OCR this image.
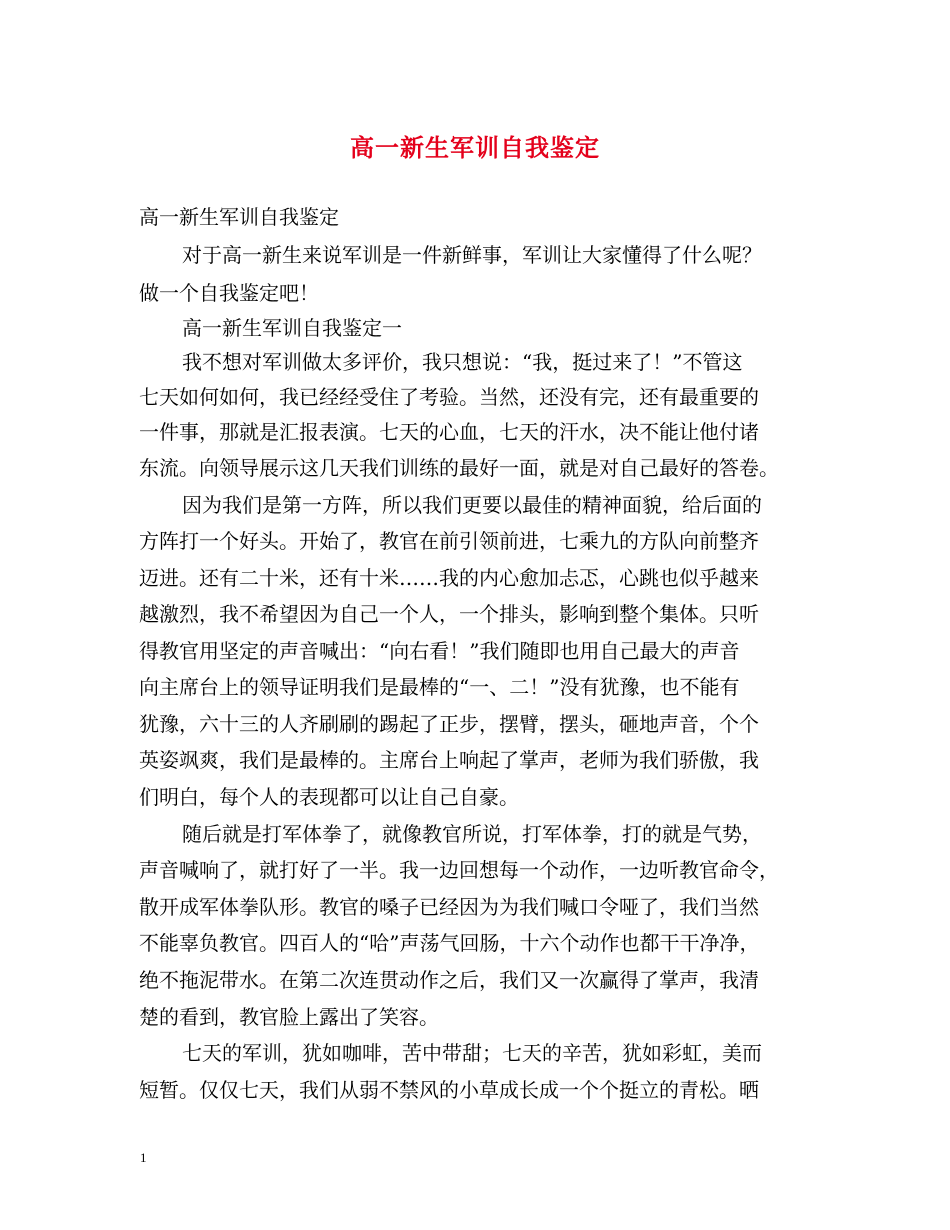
高一新生军训自我鉴定
高一新生军训自我鉴定
对于高一新生来说军训是一件新鲜事，军训让大家懂得了什么呢？
做一个自我鉴定吧！
高一新生军训自我鉴定一
我不想对军训做太多评价，我只想说：“我，挺过来了！”不管这
七天如何如何，我已经经受住了考验。当然，还没有完，还有最重要的
一件事，那就是汇报表演。七天的心血，七天的汗水，决不能让他付诸
东流。向领导展示这几天我们训练的最好一面，就是对自己最好的答卷。
因为我们是第一方阵，所以我们更要以最佳的精神面貌，给后面的
方阵打一个好头。开始了，教官在前引领前进，七乘九的方队向前整齐
迈进。还有二十米，还有十米……我的内心愈加忐忑，心跳也似乎越来
越激烈，我不希望因为自己一个人，一个排头，影响到整个集体。只听
得教官用坚定的声音喊出：“向右看！”我们随即也用自己最大的声音
向主席台上的领导证明我们是最棒的“一、二！”没有犹豫，也不能有
犹豫，六十三的人齐刷刷的踢起了正步，摆臂，摆头，砸地声音，个个
英姿飒爽，我们是最棒的。主席台上响起了掌声，老师为我们骄傲，我
们明白，每个人的表现都可以让自己自豪。
随后就是打军体拳了，就像教官所说，打军体拳，打的就是气势，
声音喊响了，就打好了一半。我一边回想每一个动作，一边听教官命令，
散开成军体拳队形。教官的嗓子已经因为为我们喊口令哑了，我们当然
不能辜负教官。四百人的“哈”声荡气回肠，十六个动作也都干干净净，
绝不拖泥带水。在第二次连贯动作之后，我们又一次赢得了掌声，我清
楚的看到，教官脸上露出了笑容。
七天的军训，犹如咖啡，苦中带甜；七天的辛苦，犹如彩虹，美而
短暂。仅仅七天，我们从弱不禁风的小草成长成一个个挺立的青松。晒
1
